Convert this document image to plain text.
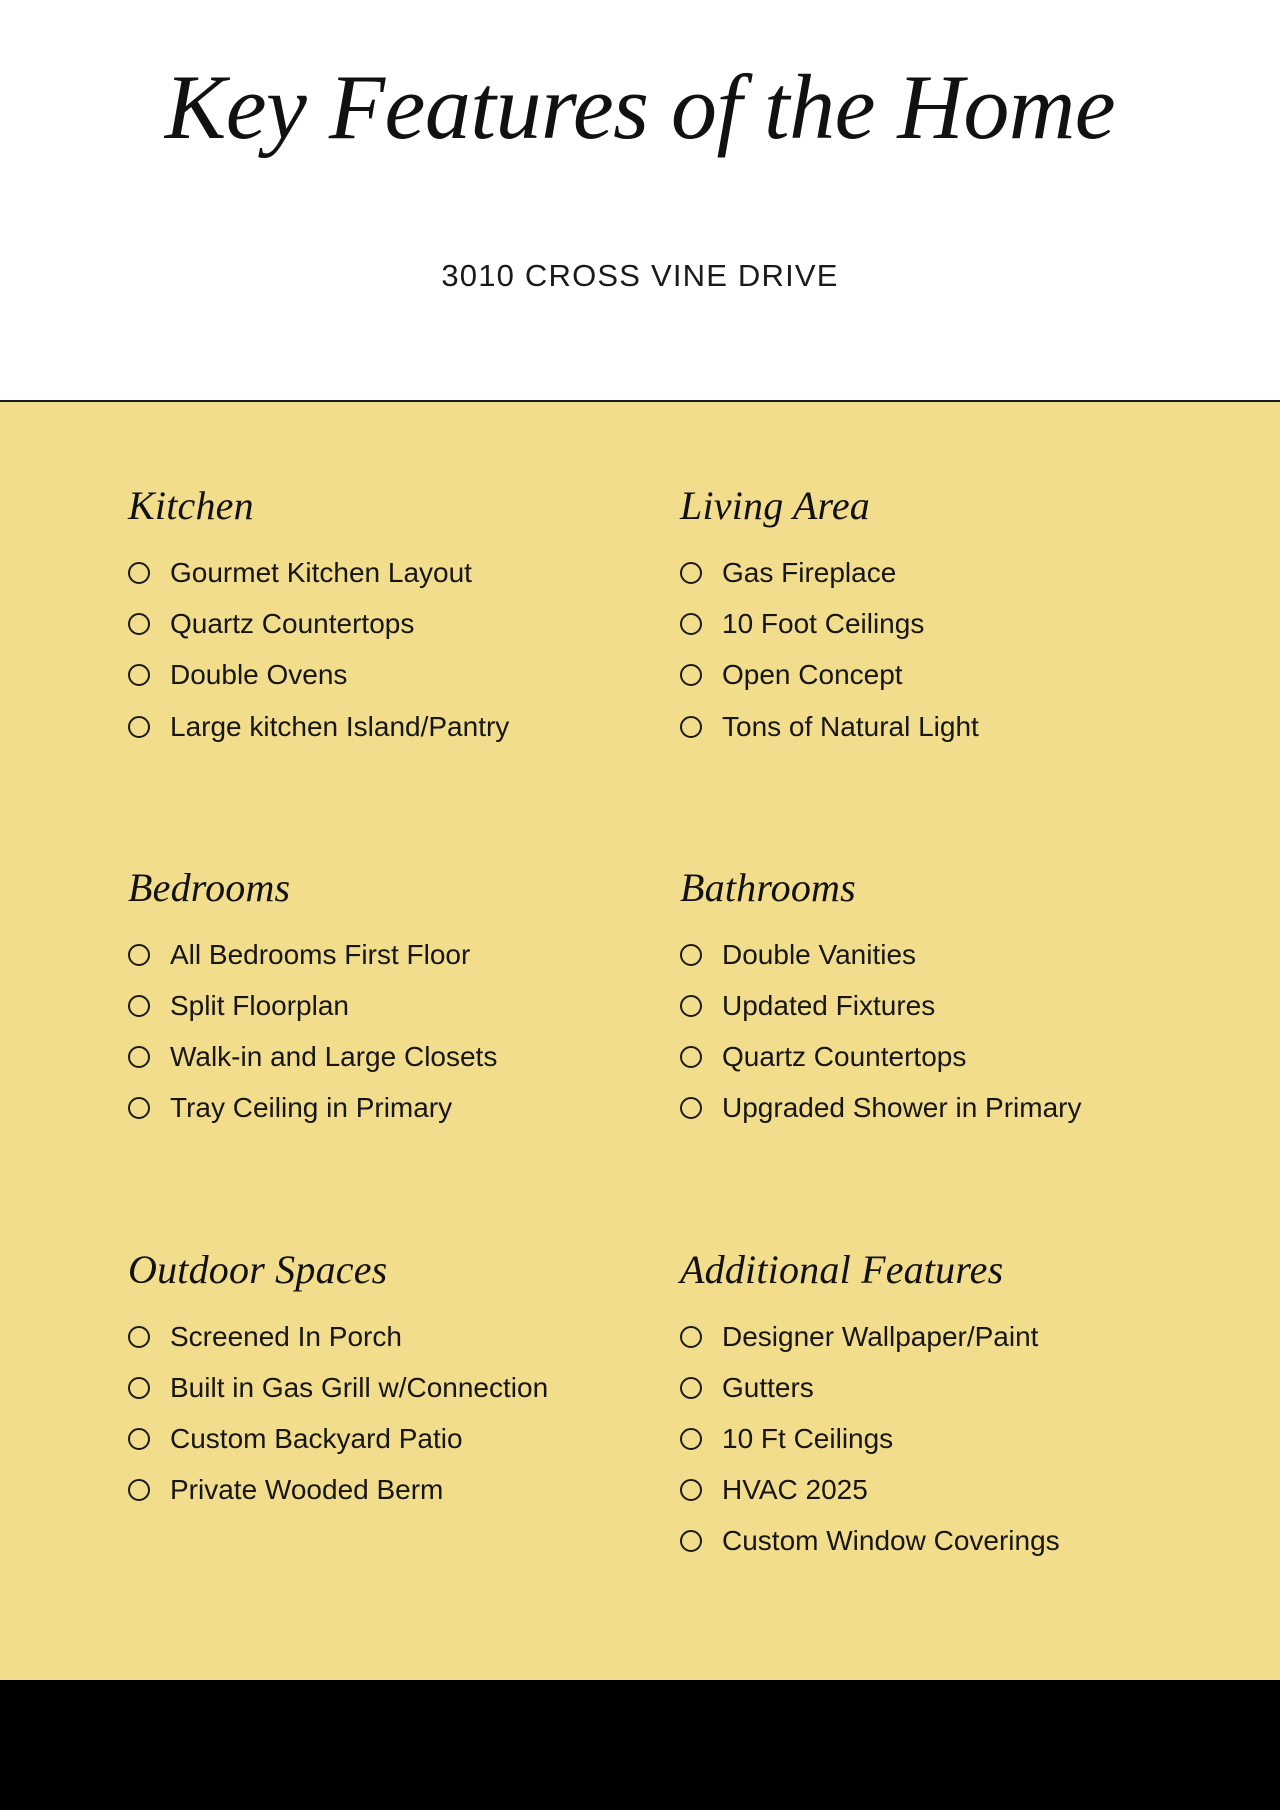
Key Features of the Home
3010 CROSS VINE DRIVE
Kitchen
Gourmet Kitchen Layout
Quartz Countertops
Double Ovens
Large kitchen Island/Pantry
Living Area
Gas Fireplace
10 Foot Ceilings
Open Concept
Tons of Natural Light
Bedrooms
All Bedrooms First Floor
Split Floorplan
Walk-in and Large Closets
Tray Ceiling in Primary
Bathrooms
Double Vanities
Updated Fixtures
Quartz Countertops
Upgraded Shower in Primary
Outdoor Spaces
Screened In Porch
Built in Gas Grill w/Connection
Custom Backyard Patio
Private Wooded Berm
Additional Features
Designer Wallpaper/Paint
Gutters
10 Ft Ceilings
HVAC 2025
Custom Window Coverings
